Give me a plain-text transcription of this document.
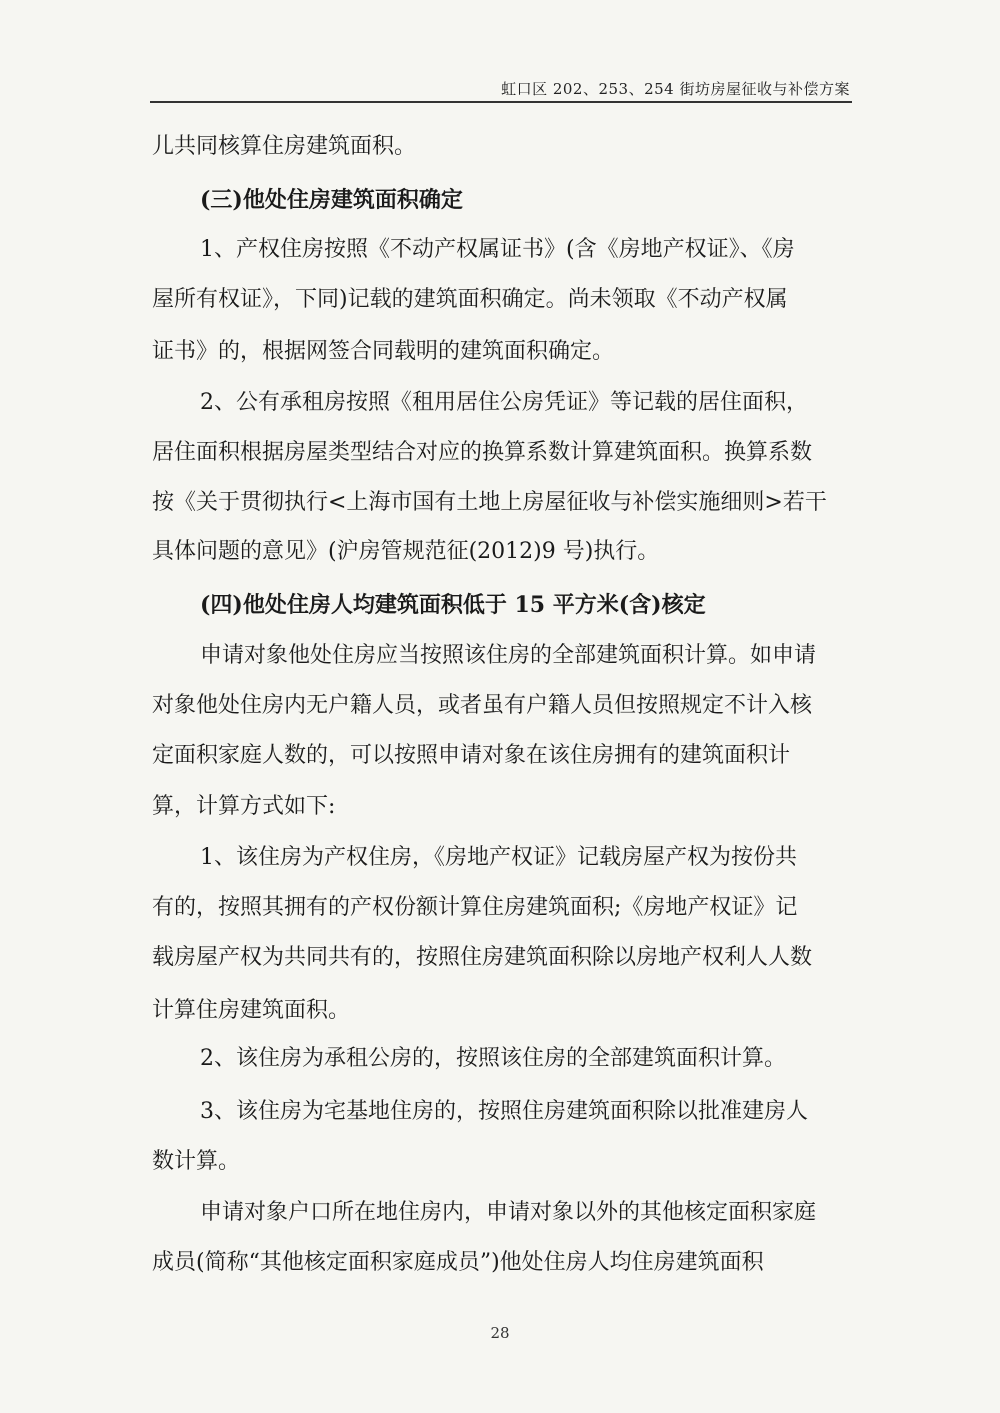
虹口区 202、253、254 街坊房屋征收与补偿方案
儿共同核算住房建筑面积。
(三)他处住房建筑面积确定
1、产权住房按照《不动产权属证书》(含《房地产权证》、《房
屋所有权证》，下同)记载的建筑面积确定。尚未领取《不动产权属
证书》的，根据网签合同载明的建筑面积确定。
2、公有承租房按照《租用居住公房凭证》等记载的居住面积，
居住面积根据房屋类型结合对应的换算系数计算建筑面积。换算系数
按《关于贯彻执行<上海市国有土地上房屋征收与补偿实施细则>若干
具体问题的意见》(沪房管规范征(2012)9 号)执行。
(四)他处住房人均建筑面积低于 15 平方米(含)核定
申请对象他处住房应当按照该住房的全部建筑面积计算。如申请
对象他处住房内无户籍人员，或者虽有户籍人员但按照规定不计入核
定面积家庭人数的，可以按照申请对象在该住房拥有的建筑面积计
算，计算方式如下:
1、该住房为产权住房，《房地产权证》记载房屋产权为按份共
有的，按照其拥有的产权份额计算住房建筑面积;《房地产权证》记
载房屋产权为共同共有的，按照住房建筑面积除以房地产权利人人数
计算住房建筑面积。
2、该住房为承租公房的，按照该住房的全部建筑面积计算。
3、该住房为宅基地住房的，按照住房建筑面积除以批准建房人
数计算。
申请对象户口所在地住房内，申请对象以外的其他核定面积家庭
成员(简称“其他核定面积家庭成员”)他处住房人均住房建筑面积
28
